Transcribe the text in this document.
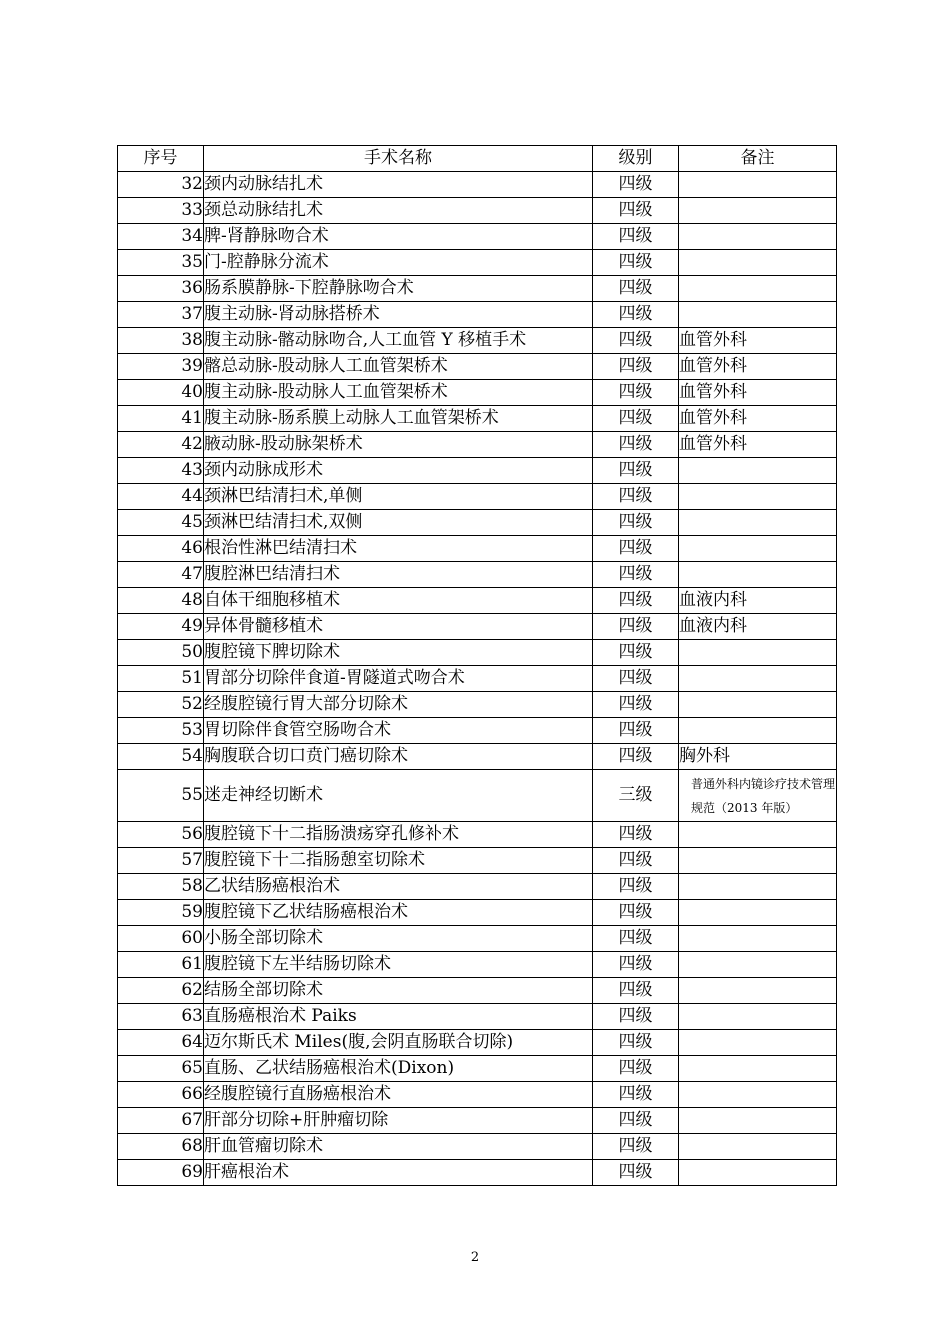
序号	手术名称	级别	备注
32	颈内动脉结扎术	四级	
33	颈总动脉结扎术	四级	
34	脾-肾静脉吻合术	四级	
35	门-腔静脉分流术	四级	
36	肠系膜静脉-下腔静脉吻合术	四级	
37	腹主动脉-肾动脉搭桥术	四级	
38	腹主动脉-髂动脉吻合,人工血管 Y 移植手术	四级	血管外科
39	髂总动脉-股动脉人工血管架桥术	四级	血管外科
40	腹主动脉-股动脉人工血管架桥术	四级	血管外科
41	腹主动脉-肠系膜上动脉人工血管架桥术	四级	血管外科
42	腋动脉-股动脉架桥术	四级	血管外科
43	颈内动脉成形术	四级	
44	颈淋巴结清扫术,单侧	四级	
45	颈淋巴结清扫术,双侧	四级	
46	根治性淋巴结清扫术	四级	
47	腹腔淋巴结清扫术	四级	
48	自体干细胞移植术	四级	血液内科
49	异体骨髓移植术	四级	血液内科
50	腹腔镜下脾切除术	四级	
51	胃部分切除伴食道-胃隧道式吻合术	四级	
52	经腹腔镜行胃大部分切除术	四级	
53	胃切除伴食管空肠吻合术	四级	
54	胸腹联合切口贲门癌切除术	四级	胸外科
55	迷走神经切断术	三级	普通外科内镜诊疗技术管理规范（2013 年版）
56	腹腔镜下十二指肠溃疡穿孔修补术	四级	
57	腹腔镜下十二指肠憩室切除术	四级	
58	乙状结肠癌根治术	四级	
59	腹腔镜下乙状结肠癌根治术	四级	
60	小肠全部切除术	四级	
61	腹腔镜下左半结肠切除术	四级	
62	结肠全部切除术	四级	
63	直肠癌根治术 Paiks	四级	
64	迈尔斯氏术 Miles(腹,会阴直肠联合切除)	四级	
65	直肠、乙状结肠癌根治术(Dixon)	四级	
66	经腹腔镜行直肠癌根治术	四级	
67	肝部分切除+肝肿瘤切除	四级	
68	肝血管瘤切除术	四级	
69	肝癌根治术	四级	
2
